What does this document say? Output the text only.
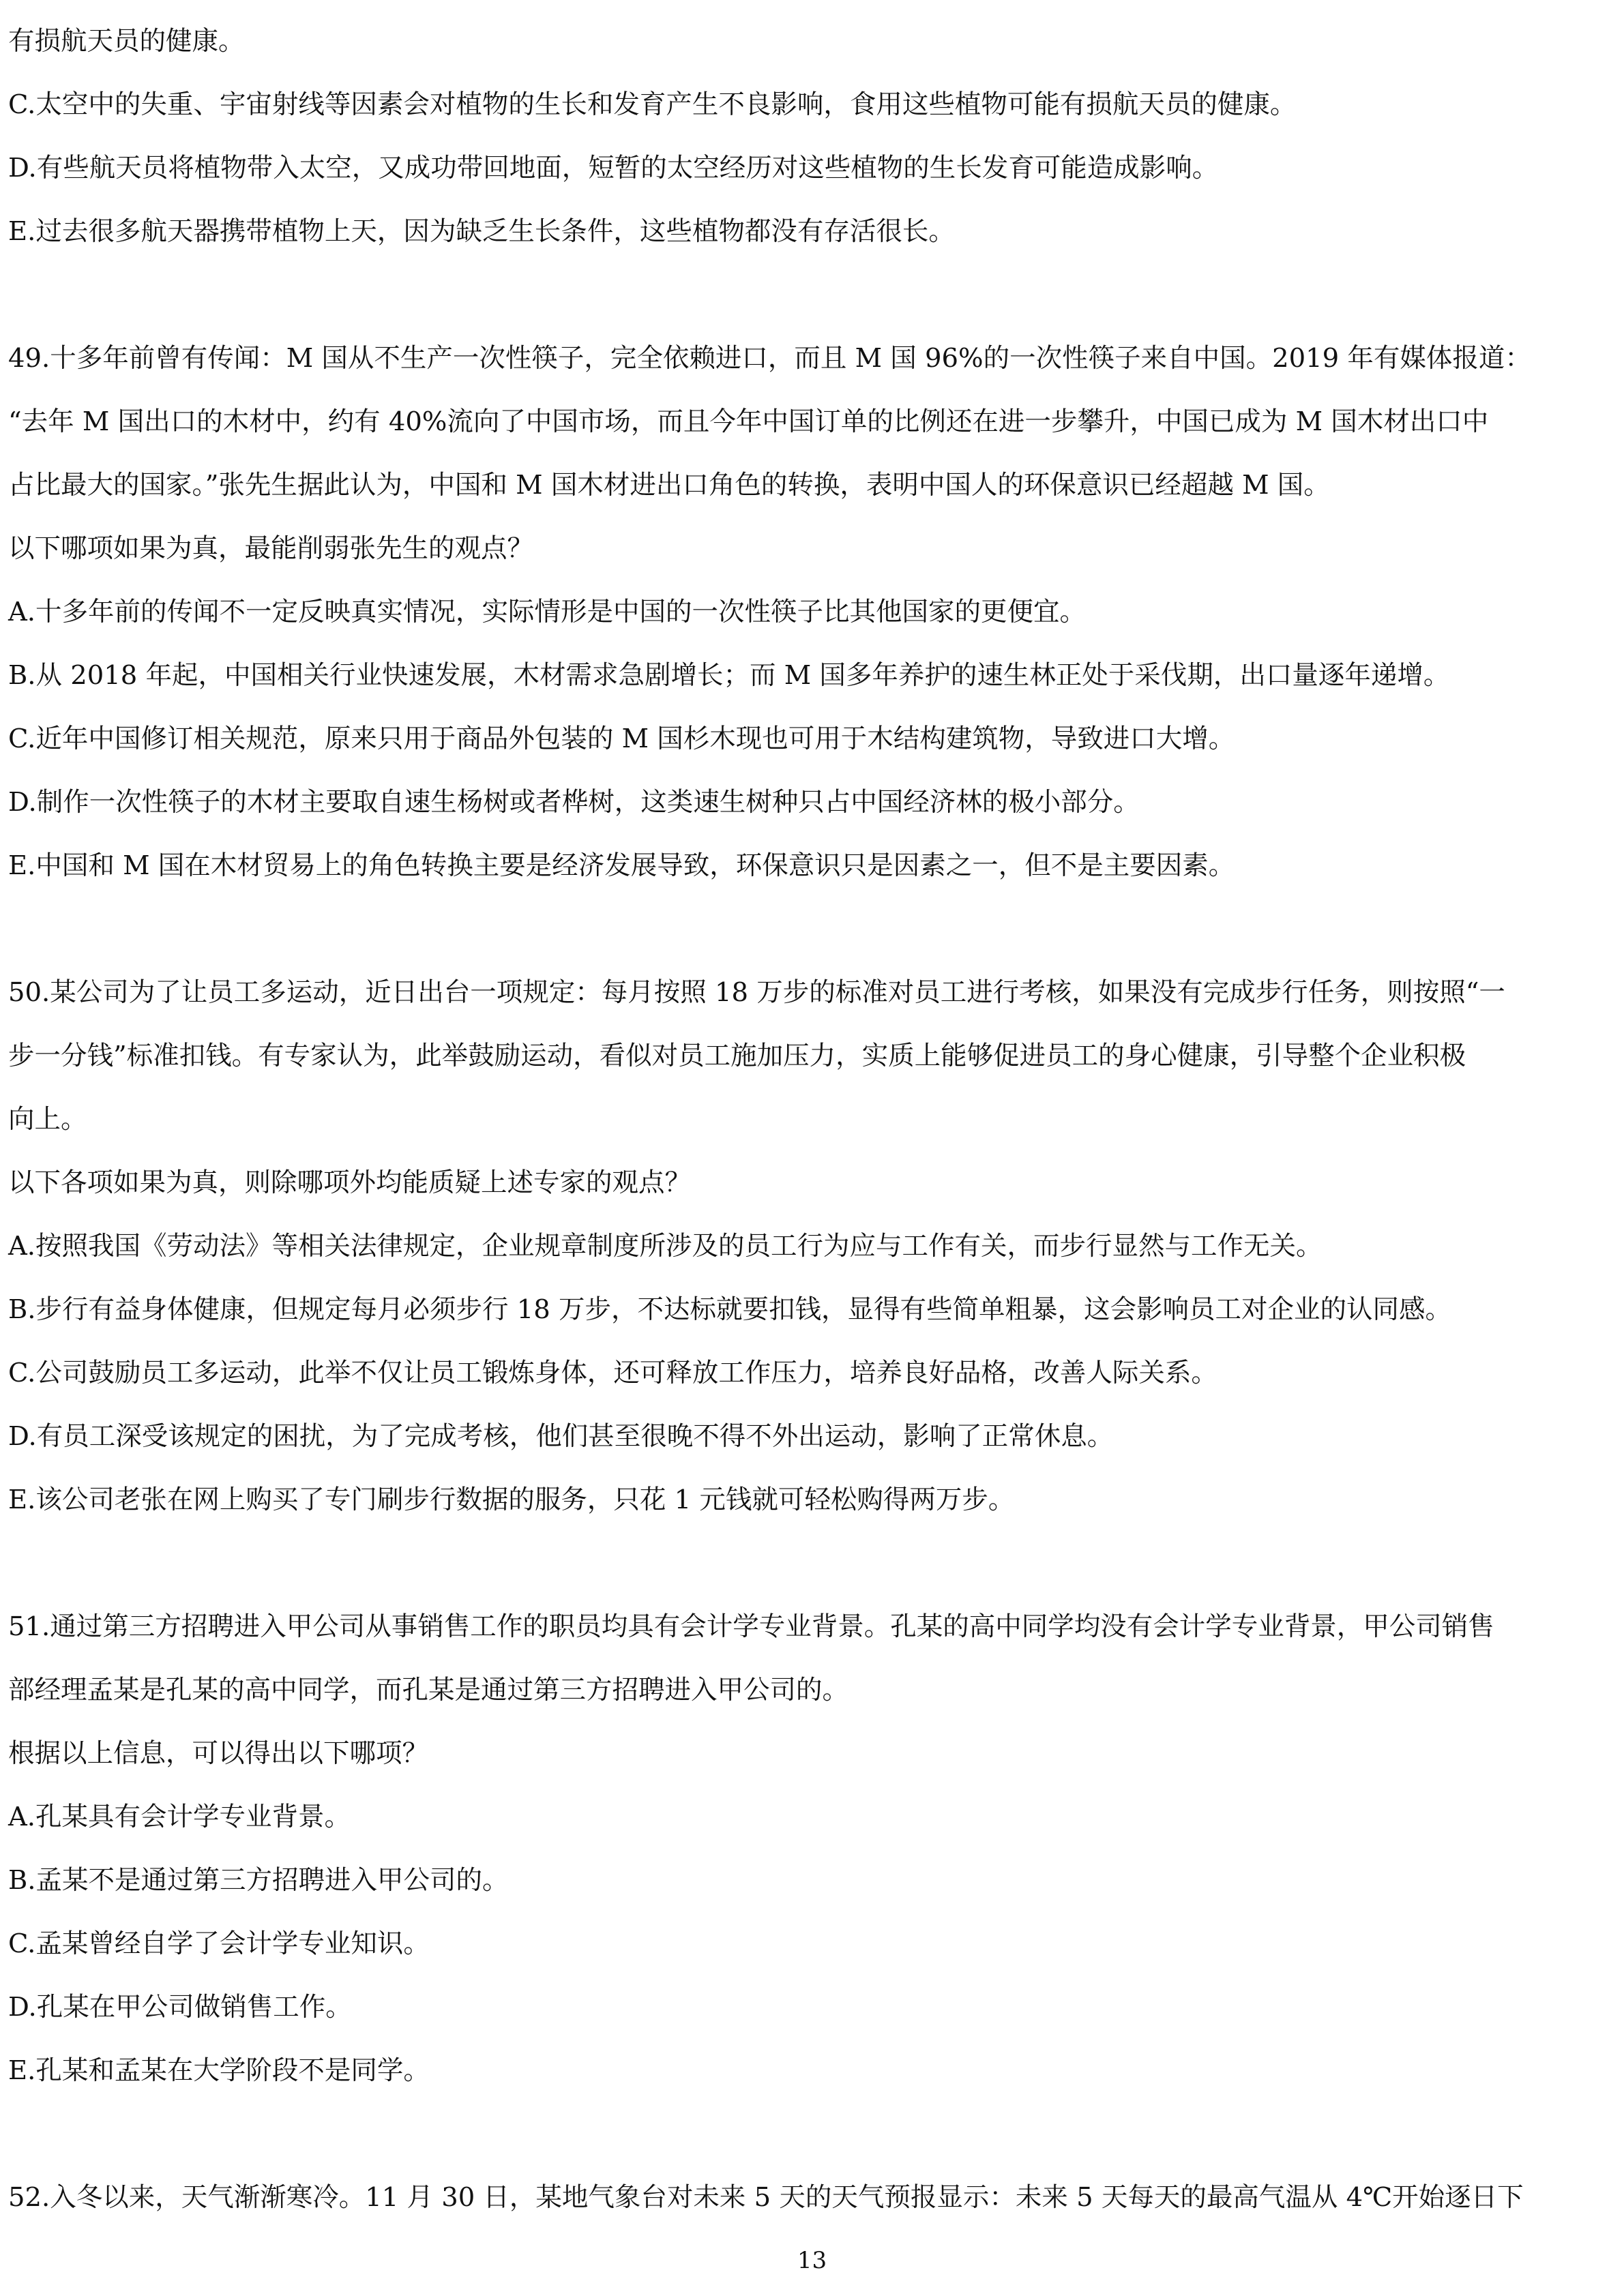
有损航天员的健康。
C.太空中的失重、宇宙射线等因素会对植物的生长和发育产生不良影响，食用这些植物可能有损航天员的健康。
D.有些航天员将植物带入太空，又成功带回地面，短暂的太空经历对这些植物的生长发育可能造成影响。
E.过去很多航天器携带植物上天，因为缺乏生长条件，这些植物都没有存活很长。
49.十多年前曾有传闻：M 国从不生产一次性筷子，完全依赖进口，而且 M 国 96%的一次性筷子来自中国。2019 年有媒体报道：
“去年 M 国出口的木材中，约有 40%流向了中国市场，而且今年中国订单的比例还在进一步攀升，中国已成为 M 国木材出口中
占比最大的国家。”张先生据此认为，中国和 M 国木材进出口角色的转换，表明中国人的环保意识已经超越 M 国。
以下哪项如果为真，最能削弱张先生的观点？
A.十多年前的传闻不一定反映真实情况，实际情形是中国的一次性筷子比其他国家的更便宜。
B.从 2018 年起，中国相关行业快速发展，木材需求急剧增长；而 M 国多年养护的速生林正处于采伐期，出口量逐年递增。
C.近年中国修订相关规范，原来只用于商品外包装的 M 国杉木现也可用于木结构建筑物，导致进口大增。
D.制作一次性筷子的木材主要取自速生杨树或者桦树，这类速生树种只占中国经济林的极小部分。
E.中国和 M 国在木材贸易上的角色转换主要是经济发展导致，环保意识只是因素之一，但不是主要因素。
50.某公司为了让员工多运动，近日出台一项规定：每月按照 18 万步的标准对员工进行考核，如果没有完成步行任务，则按照“一
步一分钱”标准扣钱。有专家认为，此举鼓励运动，看似对员工施加压力，实质上能够促进员工的身心健康，引导整个企业积极
向上。
以下各项如果为真，则除哪项外均能质疑上述专家的观点？
A.按照我国《劳动法》等相关法律规定，企业规章制度所涉及的员工行为应与工作有关，而步行显然与工作无关。
B.步行有益身体健康，但规定每月必须步行 18 万步，不达标就要扣钱，显得有些简单粗暴，这会影响员工对企业的认同感。
C.公司鼓励员工多运动，此举不仅让员工锻炼身体，还可释放工作压力，培养良好品格，改善人际关系。
D.有员工深受该规定的困扰，为了完成考核，他们甚至很晚不得不外出运动，影响了正常休息。
E.该公司老张在网上购买了专门刷步行数据的服务，只花 1 元钱就可轻松购得两万步。
51.通过第三方招聘进入甲公司从事销售工作的职员均具有会计学专业背景。孔某的高中同学均没有会计学专业背景，甲公司销售
部经理孟某是孔某的高中同学，而孔某是通过第三方招聘进入甲公司的。
根据以上信息，可以得出以下哪项？
A.孔某具有会计学专业背景。
B.孟某不是通过第三方招聘进入甲公司的。
C.孟某曾经自学了会计学专业知识。
D.孔某在甲公司做销售工作。
E.孔某和孟某在大学阶段不是同学。
52.入冬以来，天气渐渐寒冷。11 月 30 日，某地气象台对未来 5 天的天气预报显示：未来 5 天每天的最高气温从 4℃开始逐日下
13
